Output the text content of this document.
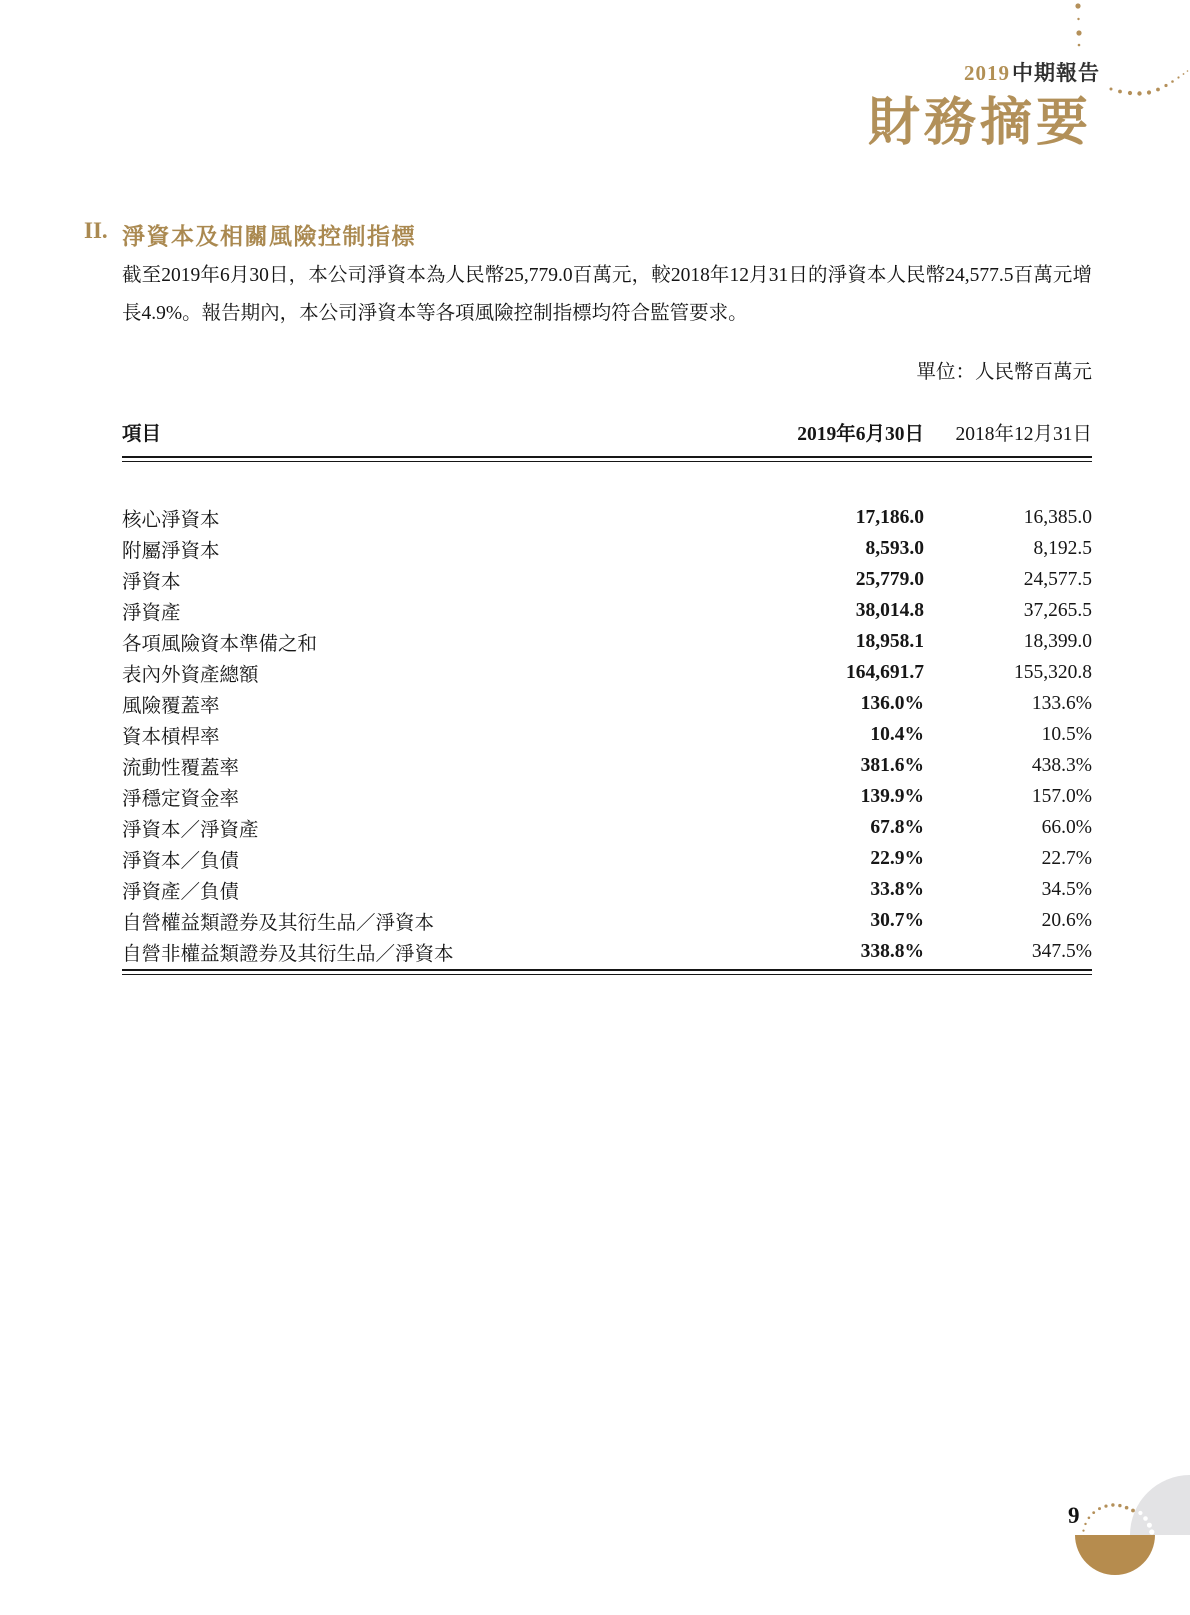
2019中期報告
財務摘要
II. 淨資本及相關風險控制指標
截至2019年6月30日，本公司淨資本為人民幣25,779.0百萬元，較2018年12月31日的淨資本人民幣24,577.5百萬元增長4.9%。報告期內，本公司淨資本等各項風險控制指標均符合監管要求。
單位：人民幣百萬元
項目	2019年6月30日	2018年12月31日
核心淨資本	17,186.0	16,385.0
附屬淨資本	8,593.0	8,192.5
淨資本	25,779.0	24,577.5
淨資產	38,014.8	37,265.5
各項風險資本準備之和	18,958.1	18,399.0
表內外資產總額	164,691.7	155,320.8
風險覆蓋率	136.0%	133.6%
資本槓桿率	10.4%	10.5%
流動性覆蓋率	381.6%	438.3%
淨穩定資金率	139.9%	157.0%
淨資本／淨資產	67.8%	66.0%
淨資本／負債	22.9%	22.7%
淨資產／負債	33.8%	34.5%
自營權益類證券及其衍生品／淨資本	30.7%	20.6%
自營非權益類證券及其衍生品／淨資本	338.8%	347.5%
9
